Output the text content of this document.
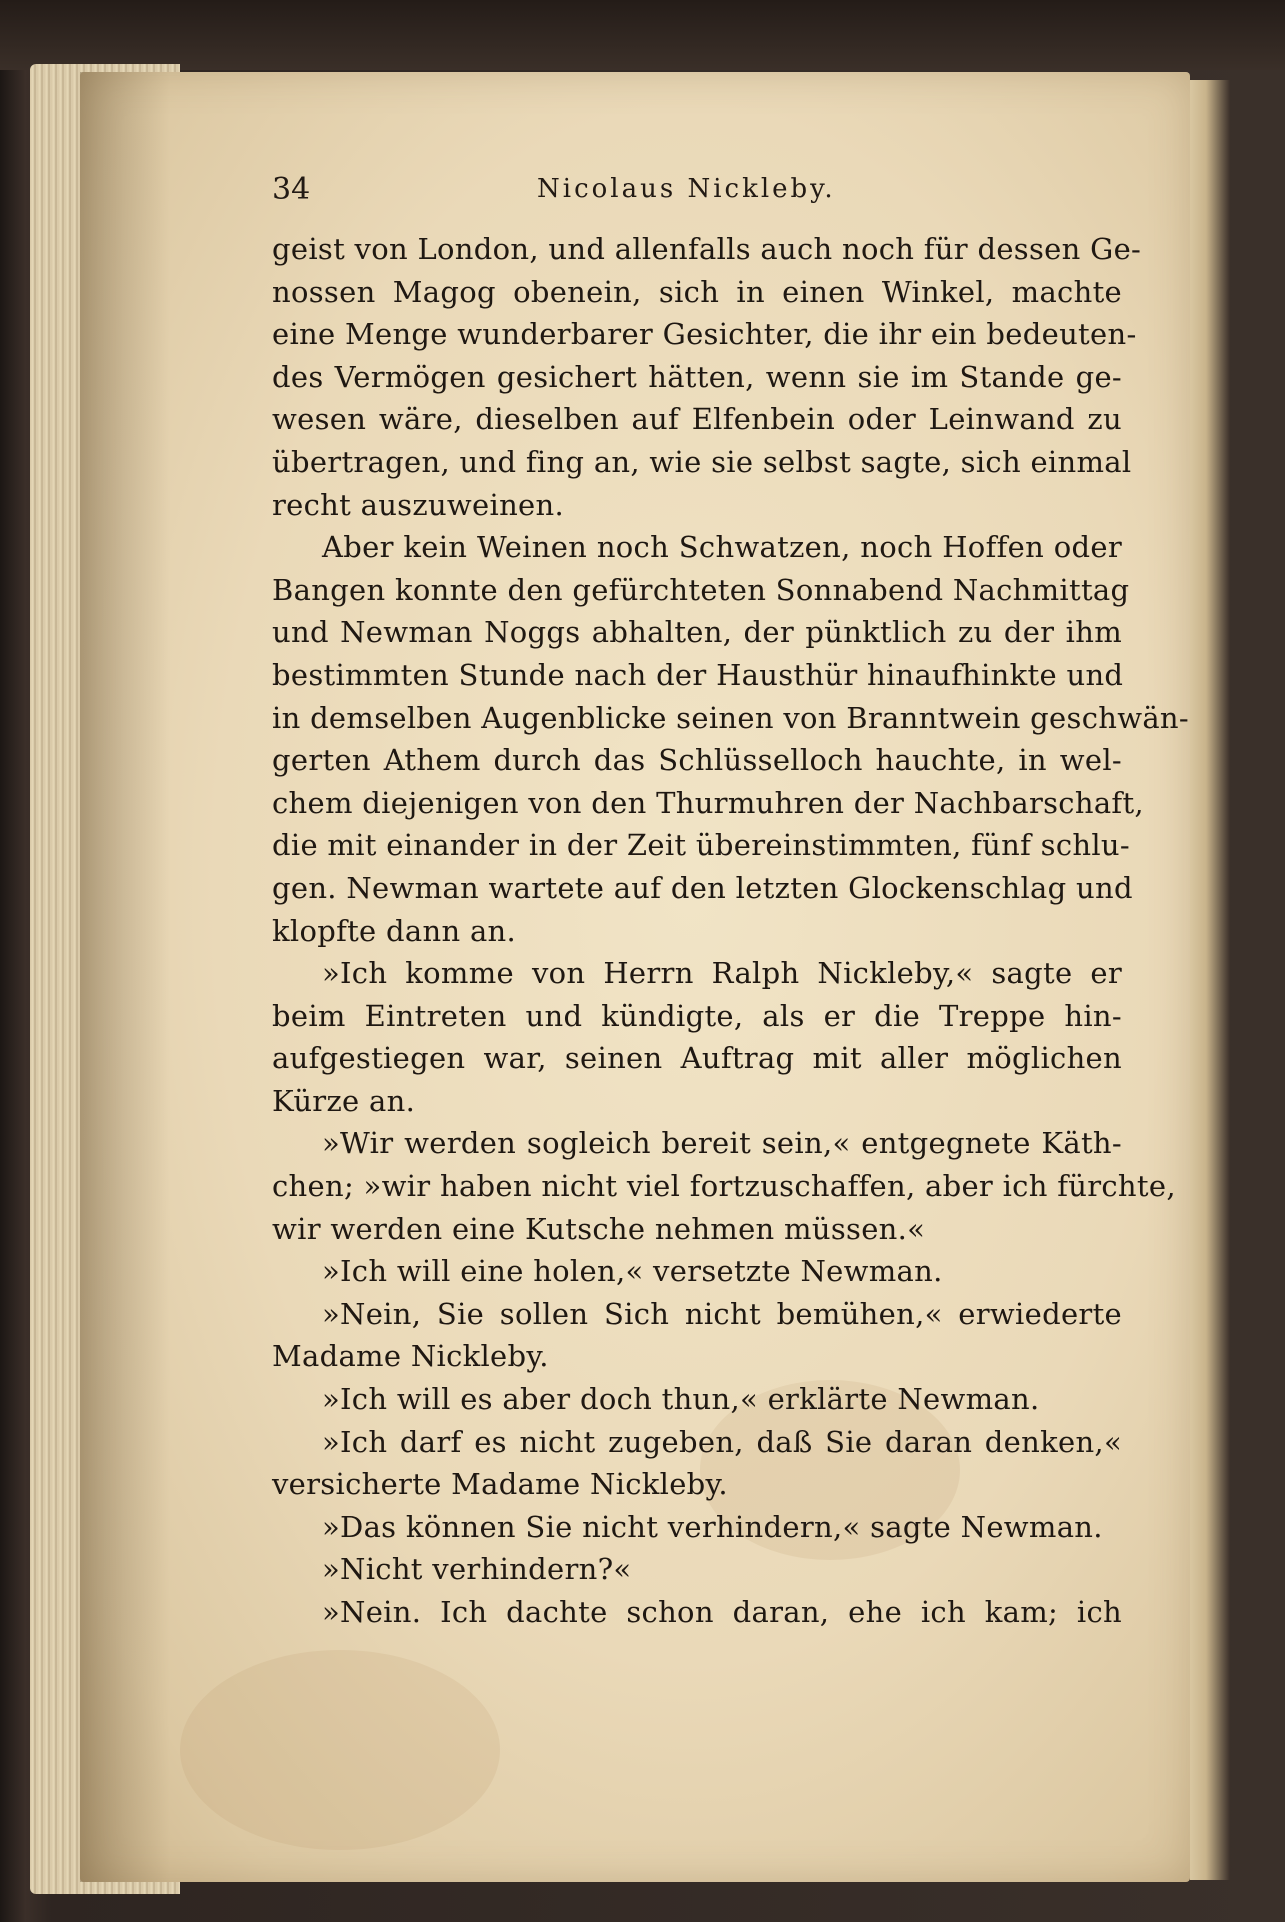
34	Nicolaus Nickleby.
geist von London, und allenfalls auch noch für dessen Ge-
nossen Magog obenein, sich in einen Winkel, machte
eine Menge wunderbarer Gesichter, die ihr ein bedeuten-
des Vermögen gesichert hätten, wenn sie im Stande ge-
wesen wäre, dieselben auf Elfenbein oder Leinwand zu
übertragen, und fing an, wie sie selbst sagte, sich einmal
recht auszuweinen.
Aber kein Weinen noch Schwatzen, noch Hoffen oder
Bangen konnte den gefürchteten Sonnabend Nachmittag
und Newman Noggs abhalten, der pünktlich zu der ihm
bestimmten Stunde nach der Hausthür hinaufhinkte und
in demselben Augenblicke seinen von Branntwein geschwän-
gerten Athem durch das Schlüsselloch hauchte, in wel-
chem diejenigen von den Thurmuhren der Nachbarschaft,
die mit einander in der Zeit übereinstimmten, fünf schlu-
gen. Newman wartete auf den letzten Glockenschlag und
klopfte dann an.
»Ich komme von Herrn Ralph Nickleby,« sagte er
beim Eintreten und kündigte, als er die Treppe hin-
aufgestiegen war, seinen Auftrag mit aller möglichen
Kürze an.
»Wir werden sogleich bereit sein,« entgegnete Käth-
chen; »wir haben nicht viel fortzuschaffen, aber ich fürchte,
wir werden eine Kutsche nehmen müssen.«
»Ich will eine holen,« versetzte Newman.
»Nein, Sie sollen Sich nicht bemühen,« erwiederte
Madame Nickleby.
»Ich will es aber doch thun,« erklärte Newman.
»Ich darf es nicht zugeben, daß Sie daran denken,«
versicherte Madame Nickleby.
»Das können Sie nicht verhindern,« sagte Newman.
»Nicht verhindern?«
»Nein. Ich dachte schon daran, ehe ich kam; ich
